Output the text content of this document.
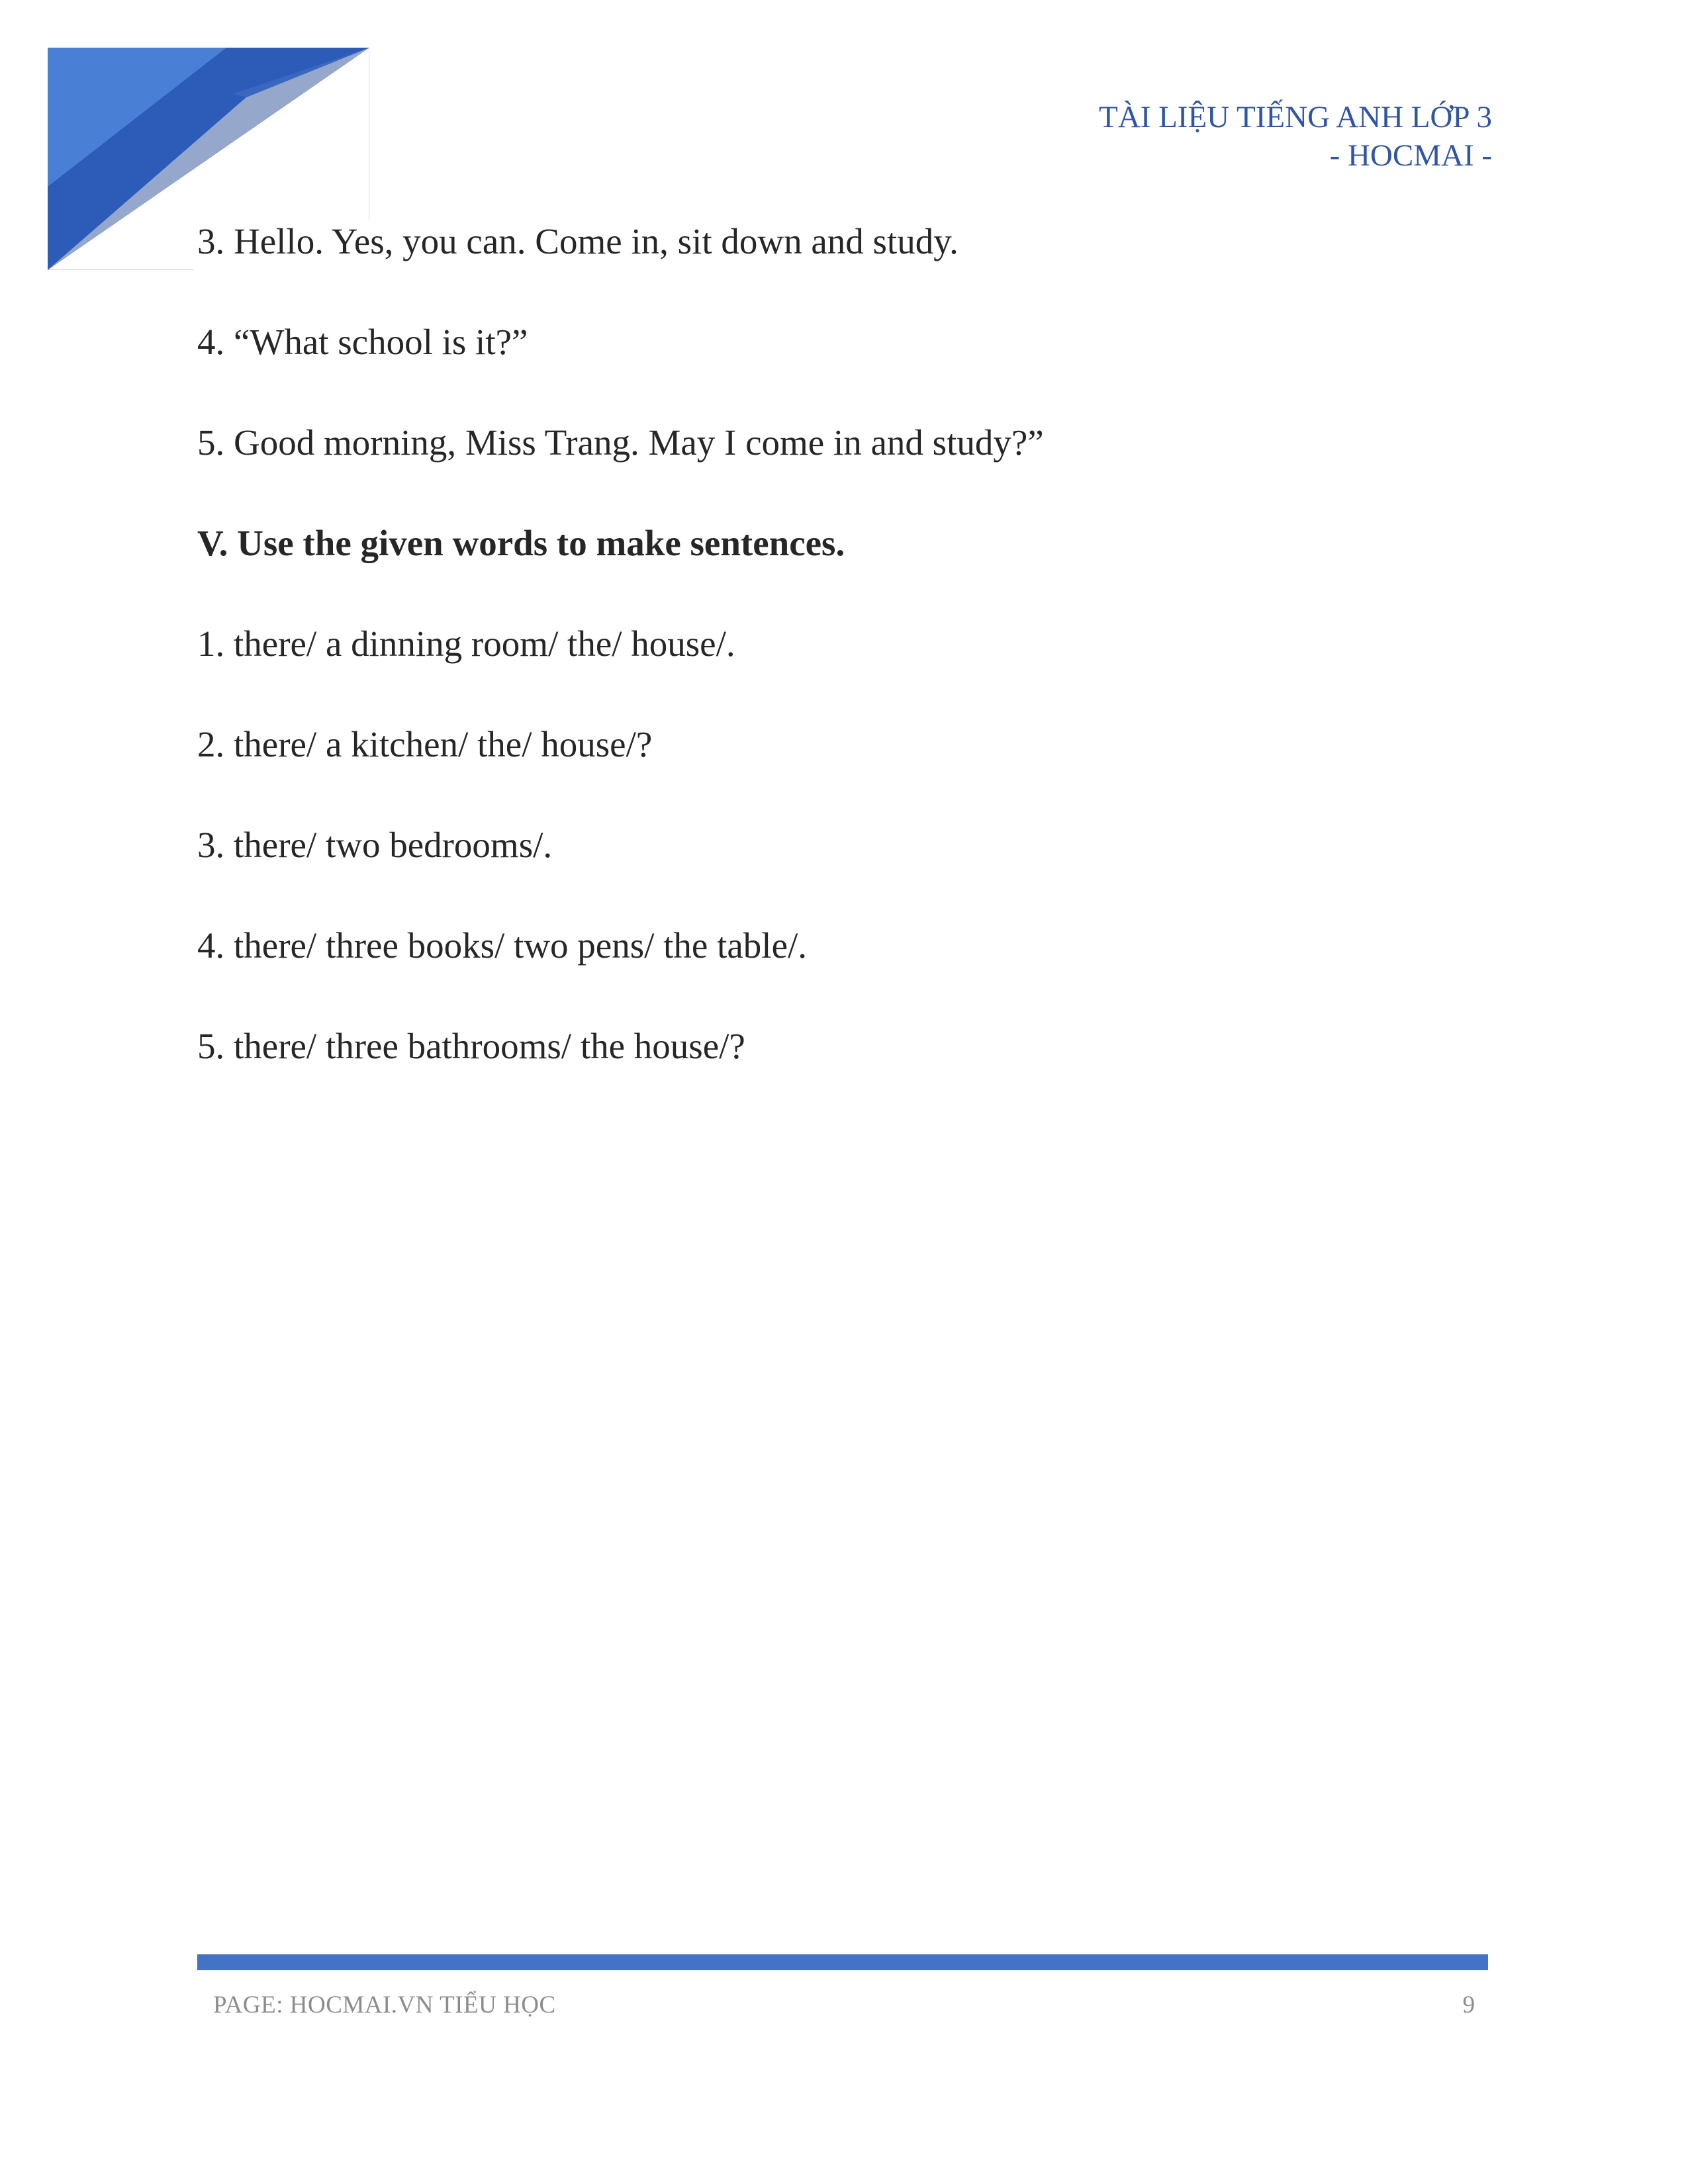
TÀI LIỆU TIẾNG ANH LỚP 3
- HOCMAI -
3. Hello. Yes, you can. Come in, sit down and study.
4. “What school is it?”
5. Good morning, Miss Trang. May I come in and study?”
V. Use the given words to make sentences.
1. there/ a dinning room/ the/ house/.
2. there/ a kitchen/ the/ house/?
3. there/ two bedrooms/.
4. there/ three books/ two pens/ the table/.
5. there/ three bathrooms/ the house/?
PAGE: HOCMAI.VN TIỂU HỌC	9
